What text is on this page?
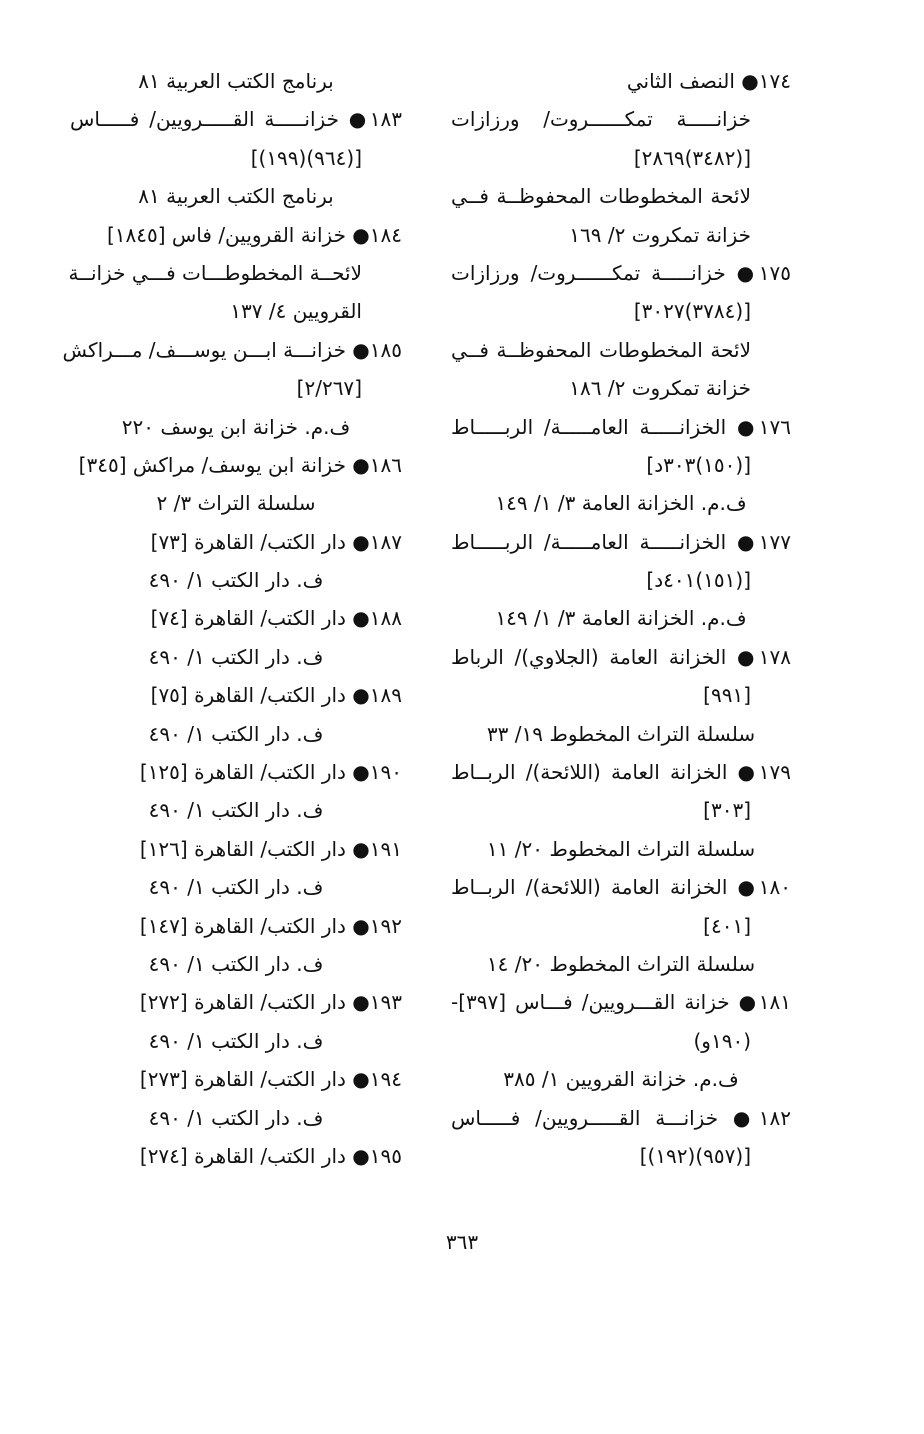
١٧٤● النصف الثاني
خزانـــــة تمكــــــروت/ ورزازات
[(٣٤٨٢)٢٨٦٩]
لائحة المخطوطات المحفوظــة فــي
خزانة تمكروت ٢/ ١٦٩
١٧٥● خزانـــــة تمكــــــروت/ ورزازات
[(٣٧٨٤)٣٠٢٧]
لائحة المخطوطات المحفوظــة فــي
خزانة تمكروت ٢/ ١٨٦
١٧٦● الخزانـــــة العامـــــة/ الربـــــاط
[(١٥٠)٣٠٣د]
ف.م. الخزانة العامة ٣/ ١/ ١٤٩
١٧٧● الخزانـــــة العامـــــة/ الربـــــاط
[(١٥١)٤٠١د]
ف.م. الخزانة العامة ٣/ ١/ ١٤٩
١٧٨● الخزانة العامة (الجلاوي)/ الرباط
[٩٩١]
سلسلة التراث المخطوط ١٩/ ٣٣
١٧٩● الخزانة العامة (اللائحة)/ الربــاط
[٣٠٣]
سلسلة التراث المخطوط ٢٠/ ١١
١٨٠● الخزانة العامة (اللائحة)/ الربــاط
[٤٠١]
سلسلة التراث المخطوط ٢٠/ ١٤
١٨١● خزانة القـــرويين/ فـــاس [٣٩٧]-
(١٩٠و)
ف.م. خزانة القرويين ١/ ٣٨٥
١٨٢● خزانـــة القـــــرويين/ فـــــاس
[(٩٥٧)(١٩٢)]
برنامج الكتب العربية ٨١
١٨٣● خزانـــــة القـــــرويين/ فـــــاس
[(٩٦٤)(١٩٩)]
برنامج الكتب العربية ٨١
١٨٤● خزانة القرويين/ فاس [١٨٤٥]
لائحــة المخطوطـــات فـــي خزانــة
القرويين ٤/ ١٣٧
١٨٥● خزانـــة ابـــن يوســـف/ مـــراكش
[٢/٢٦٧]
ف.م. خزانة ابن يوسف ٢٢٠
١٨٦● خزانة ابن يوسف/ مراكش [٣٤٥]
سلسلة التراث ٣/ ٢
١٨٧● دار الكتب/ القاهرة [٧٣]
ف. دار الكتب ١/ ٤٩٠
١٨٨● دار الكتب/ القاهرة [٧٤]
ف. دار الكتب ١/ ٤٩٠
١٨٩● دار الكتب/ القاهرة [٧٥]
ف. دار الكتب ١/ ٤٩٠
١٩٠● دار الكتب/ القاهرة [١٢٥]
ف. دار الكتب ١/ ٤٩٠
١٩١● دار الكتب/ القاهرة [١٢٦]
ف. دار الكتب ١/ ٤٩٠
١٩٢● دار الكتب/ القاهرة [١٤٧]
ف. دار الكتب ١/ ٤٩٠
١٩٣● دار الكتب/ القاهرة [٢٧٢]
ف. دار الكتب ١/ ٤٩٠
١٩٤● دار الكتب/ القاهرة [٢٧٣]
ف. دار الكتب ١/ ٤٩٠
١٩٥● دار الكتب/ القاهرة [٢٧٤]
٣٦٣
